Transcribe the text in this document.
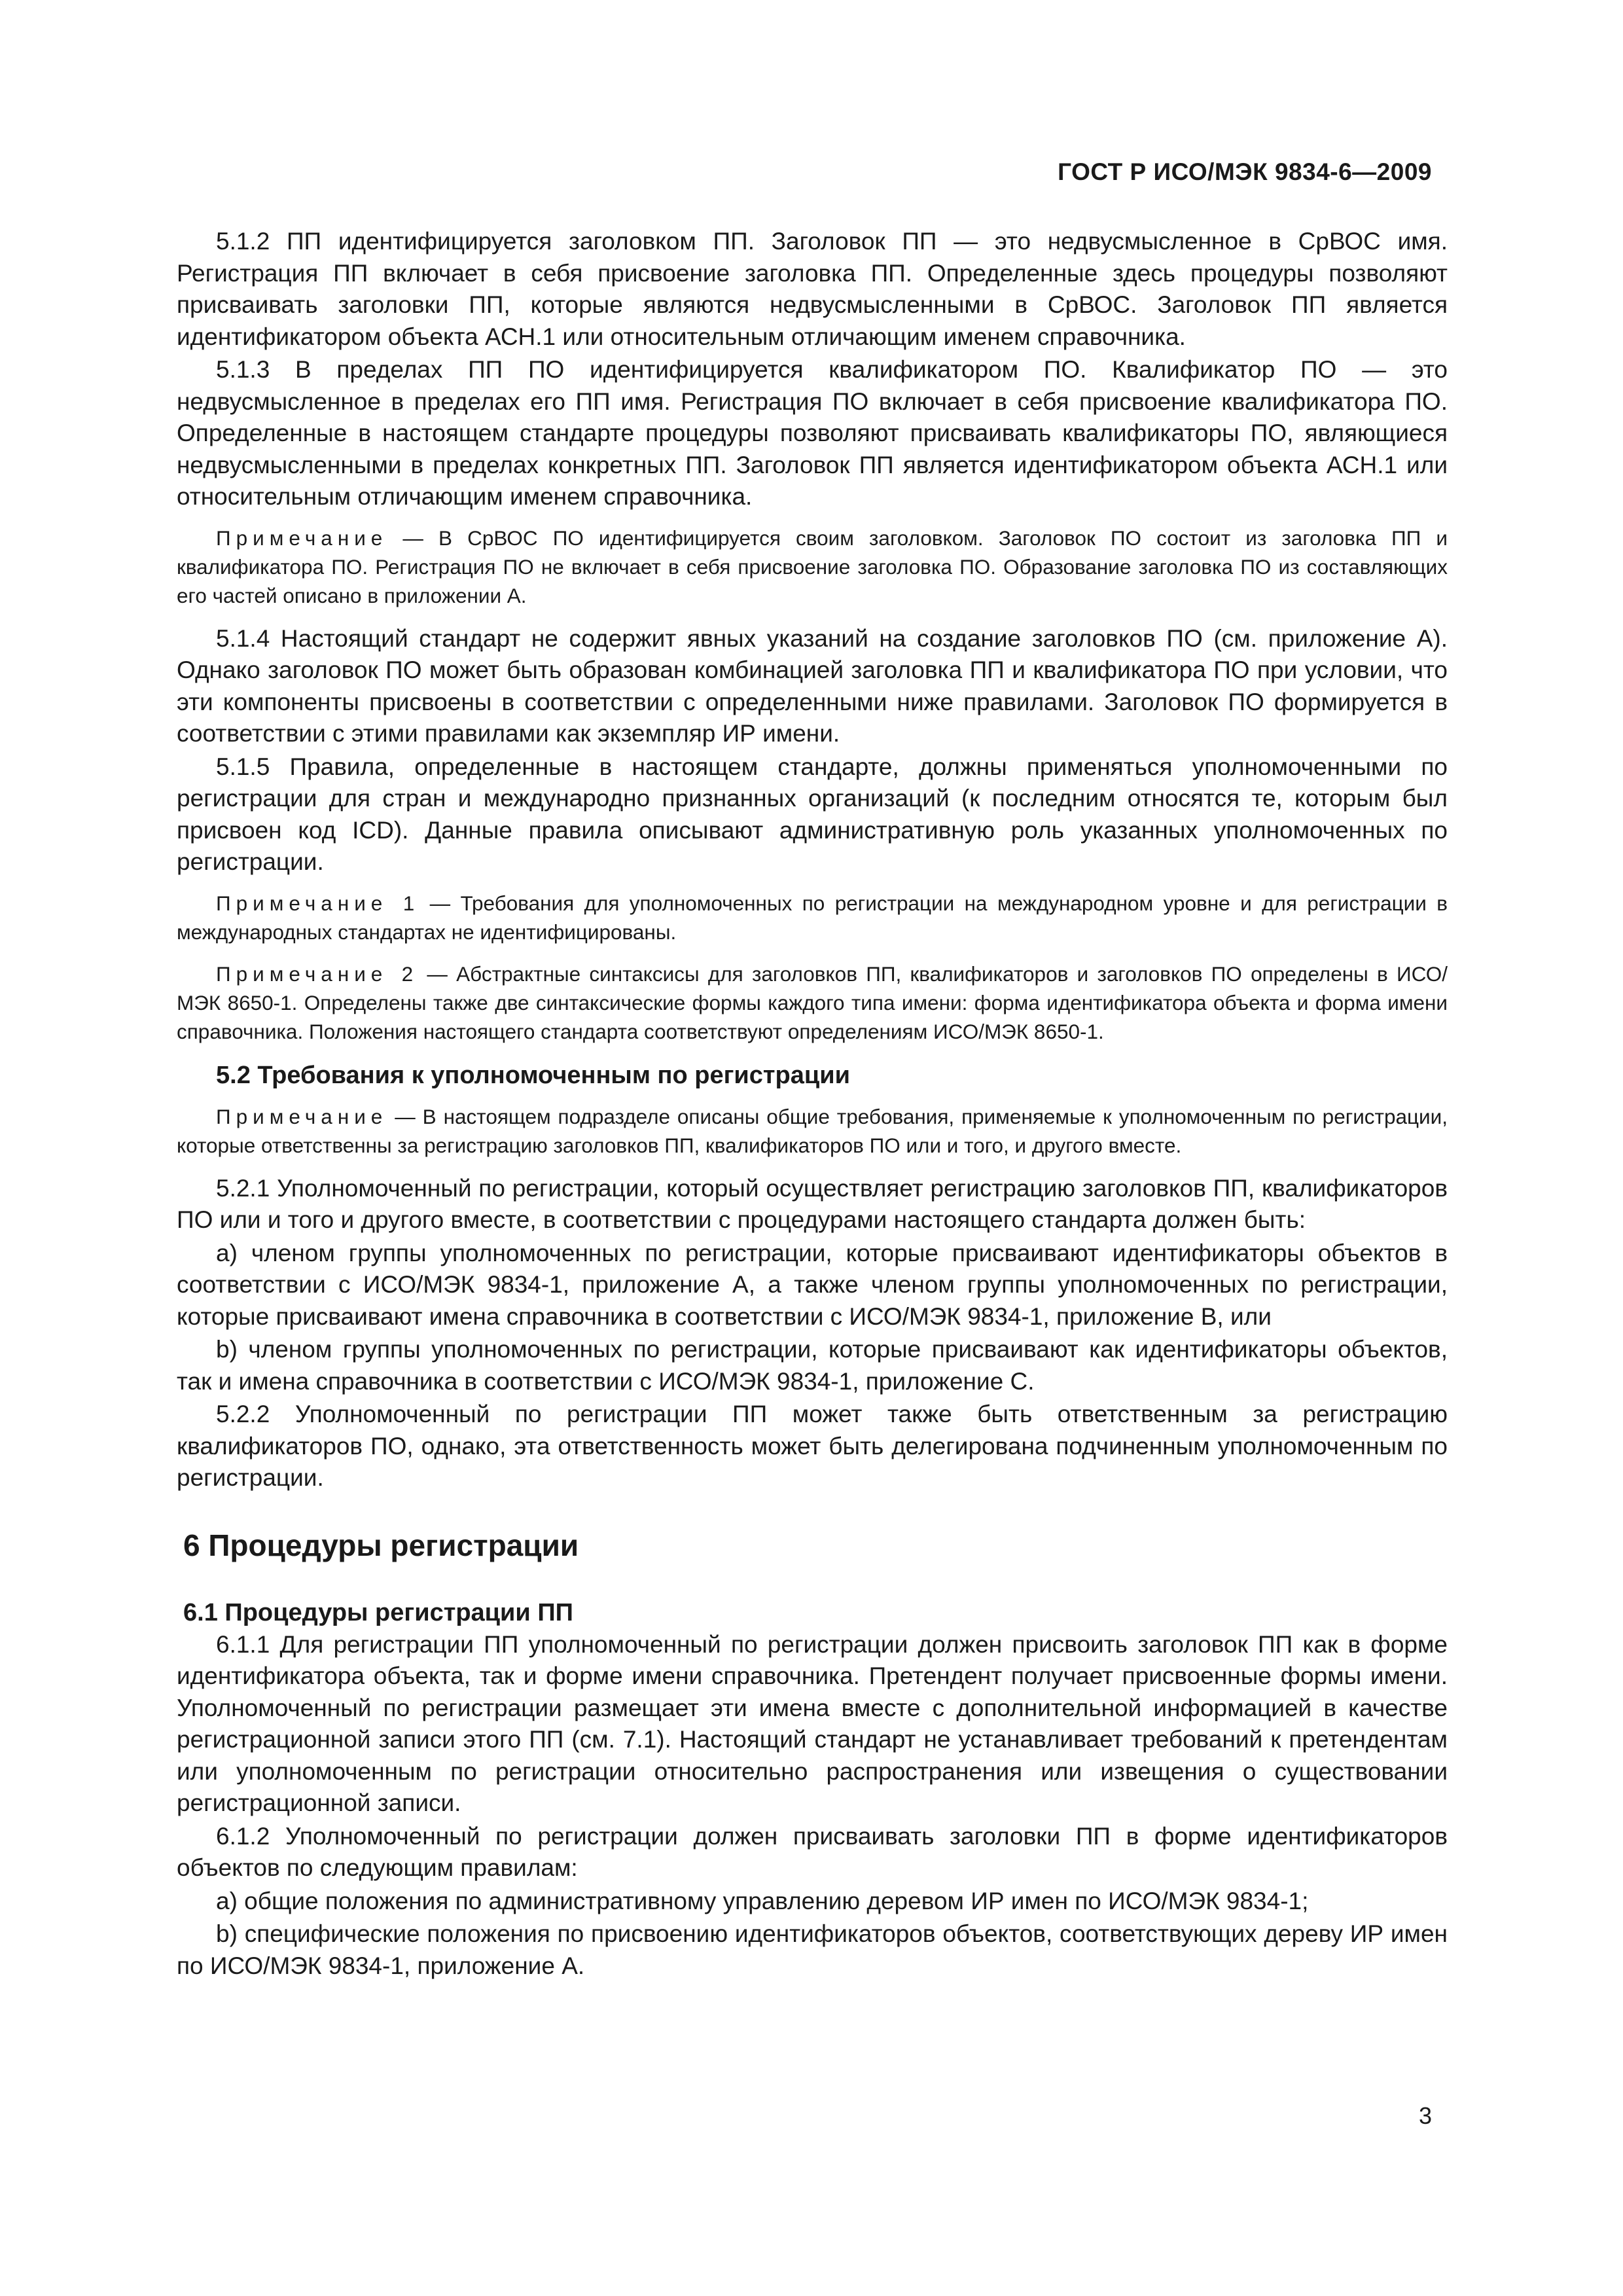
ГОСТ Р ИСО/МЭК 9834-6—2009

5.1.2 ПП идентифицируется заголовком ПП. Заголовок ПП — это недвусмысленное в СрВОС имя. Регистрация ПП включает в себя присвоение заголовка ПП. Определенные здесь процедуры позволяют присваивать заголовки ПП, которые являются недвусмысленными в СрВОС. Заголовок ПП является идентификатором объекта АСН.1 или относительным отличающим именем справочника.

5.1.3 В пределах ПП ПО идентифицируется квалификатором ПО. Квалификатор ПО — это недвусмысленное в пределах его ПП имя. Регистрация ПО включает в себя присвоение квалификатора ПО. Определенные в настоящем стандарте процедуры позволяют присваивать квалификаторы ПО, являющиеся недвусмысленными в пределах конкретных ПП. Заголовок ПП является идентификатором объекта АСН.1 или относительным отличающим именем справочника.

Примечание — В СрВОС ПО идентифицируется своим заголовком. Заголовок ПО состоит из заголовка ПП и квалификатора ПО. Регистрация ПО не включает в себя присвоение заголовка ПО. Образование заголовка ПО из составляющих его частей описано в приложении А.

5.1.4 Настоящий стандарт не содержит явных указаний на создание заголовков ПО (см. приложение А). Однако заголовок ПО может быть образован комбинацией заголовка ПП и квалификатора ПО при условии, что эти компоненты присвоены в соответствии с определенными ниже правилами. Заголовок ПО формируется в соответствии с этими правилами как экземпляр ИР имени.

5.1.5 Правила, определенные в настоящем стандарте, должны применяться уполномоченными по регистрации для стран и международно признанных организаций (к последним относятся те, которым был присвоен код ICD). Данные правила описывают административную роль указанных уполномоченных по регистрации.

Примечание 1 — Требования для уполномоченных по регистрации на международном уровне и для регистрации в международных стандартах не идентифицированы.

Примечание 2 — Абстрактные синтаксисы для заголовков ПП, квалификаторов и заголовков ПО определены в ИСО/МЭК 8650-1. Определены также две синтаксические формы каждого типа имени: форма идентификатора объекта и форма имени справочника. Положения настоящего стандарта соответствуют определениям ИСО/МЭК 8650-1.

5.2 Требования к уполномоченным по регистрации

Примечание — В настоящем подразделе описаны общие требования, применяемые к уполномоченным по регистрации, которые ответственны за регистрацию заголовков ПП, квалификаторов ПО или и того, и другого вместе.

5.2.1 Уполномоченный по регистрации, который осуществляет регистрацию заголовков ПП, квалификаторов ПО или и того и другого вместе, в соответствии с процедурами настоящего стандарта должен быть:

а) членом группы уполномоченных по регистрации, которые присваивают идентификаторы объектов в соответствии с ИСО/МЭК 9834-1, приложение А, а также членом группы уполномоченных по регистрации, которые присваивают имена справочника в соответствии с ИСО/МЭК 9834-1, приложение В, или

b) членом группы уполномоченных по регистрации, которые присваивают как идентификаторы объектов, так и имена справочника в соответствии с ИСО/МЭК 9834-1, приложение С.

5.2.2 Уполномоченный по регистрации ПП может также быть ответственным за регистрацию квалификаторов ПО, однако, эта ответственность может быть делегирована подчиненным уполномоченным по регистрации.

6 Процедуры регистрации

6.1 Процедуры регистрации ПП

6.1.1 Для регистрации ПП уполномоченный по регистрации должен присвоить заголовок ПП как в форме идентификатора объекта, так и форме имени справочника. Претендент получает присвоенные формы имени. Уполномоченный по регистрации размещает эти имена вместе с дополнительной информацией в качестве регистрационной записи этого ПП (см. 7.1). Настоящий стандарт не устанавливает требований к претендентам или уполномоченным по регистрации относительно распространения или извещения о существовании регистрационной записи.

6.1.2 Уполномоченный по регистрации должен присваивать заголовки ПП в форме идентификаторов объектов по следующим правилам:

а) общие положения по административному управлению деревом ИР имен по ИСО/МЭК 9834-1;

b) специфические положения по присвоению идентификаторов объектов, соответствующих дереву ИР имен по ИСО/МЭК 9834-1, приложение А.

3
